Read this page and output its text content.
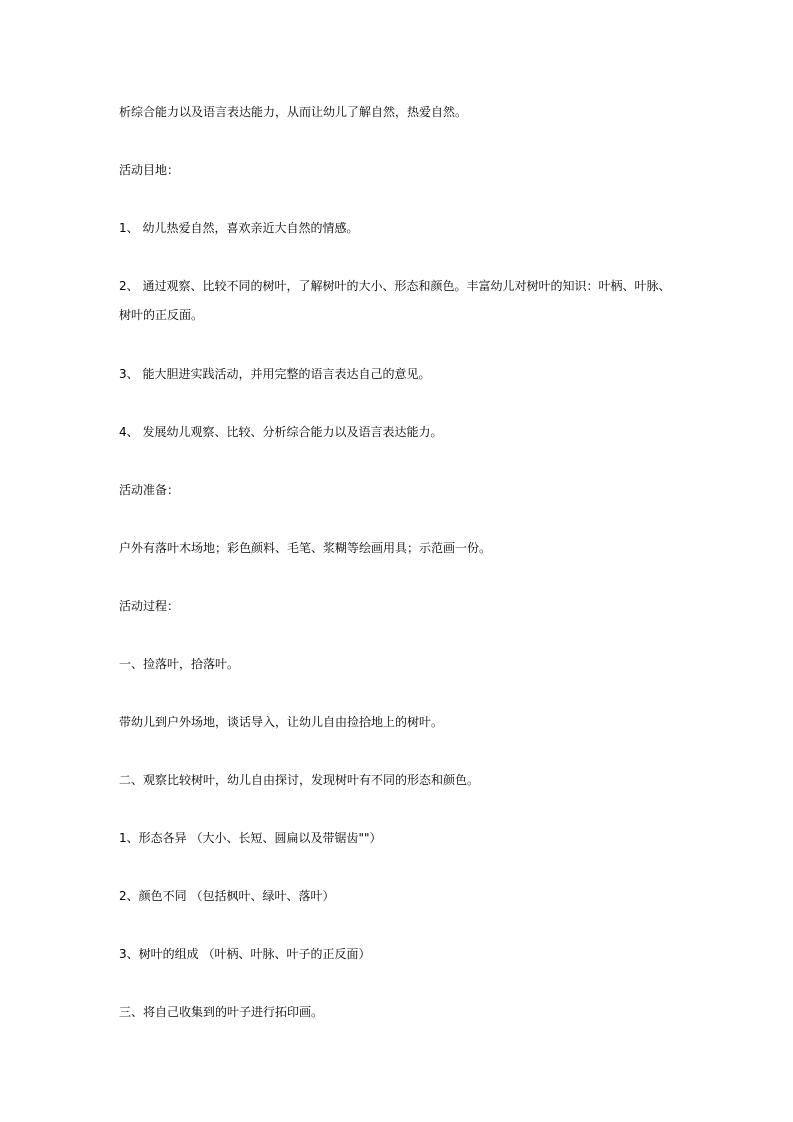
析综合能力以及语言表达能力，从而让幼儿了解自然，热爱自然。
活动目地：
1、 幼儿热爱自然，喜欢亲近大自然的情感。
2、 通过观察、比较不同的树叶，了解树叶的大小、形态和颜色。丰富幼儿对树叶的知识：叶柄、叶脉、
树叶的正反面。
3、 能大胆进实践活动，并用完整的语言表达自己的意见。
4、 发展幼儿观察、比较、分析综合能力以及语言表达能力。
活动准备：
户外有落叶木场地；彩色颜料、毛笔、浆糊等绘画用具；示范画一份。
活动过程：
一、捡落叶，拾落叶。
带幼儿到户外场地，谈话导入，让幼儿自由捡拾地上的树叶。
二、观察比较树叶，幼儿自由探讨，发现树叶有不同的形态和颜色。
1、形态各异 （大小、长短、圆扁以及带锯齿""）
2、颜色不同 （包括枫叶、绿叶、落叶）
3、树叶的组成 （叶柄、叶脉、叶子的正反面）
三、将自己收集到的叶子进行拓印画。
